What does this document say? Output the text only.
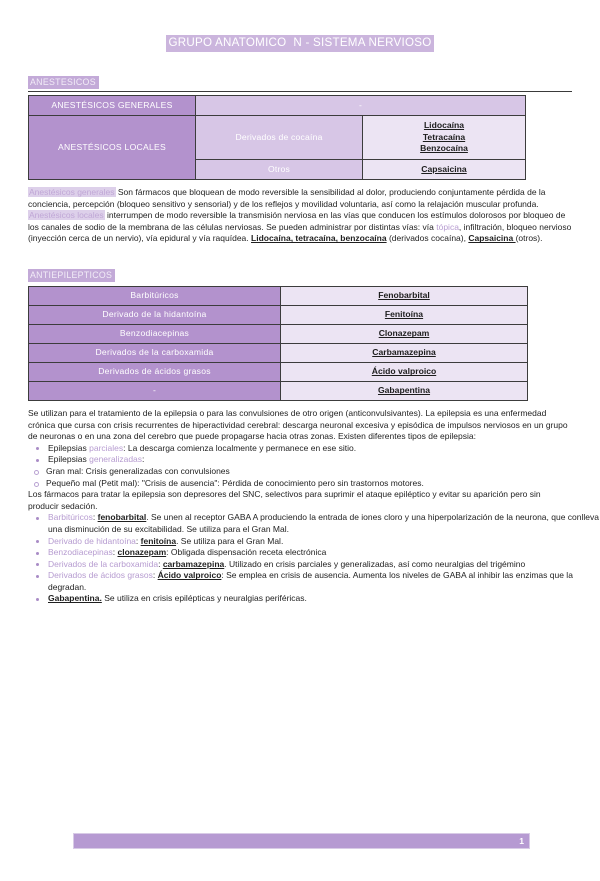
GRUPO ANATOMICO  N - SISTEMA NERVIOSO
ANESTESICOS
ANESTÉSICOS GENERALES	-	
ANESTÉSICOS LOCALES	Derivados de cocaína	Lidocaína
Tetracaína
Benzocaína

	Otros	Capsaicina

Anestésicos generales Son fármacos que bloquean de modo reversible la sensibilidad al dolor, produciendo conjuntamente pérdida de la conciencia, percepción (bloqueo sensitivo y sensorial) y de los reflejos y movilidad voluntaria, así como la relajación muscular profunda.

Anestésicos locales interrumpen de modo reversible la transmisión nerviosa en las vías que conducen los estímulos dolorosos por bloqueo de los canales de sodio de la membrana de las células nerviosas. Se pueden administrar por distintas vías: vía tópica, infiltración, bloqueo nervioso (inyección cerca de un nervio), vía epidural y vía raquídea. Lidocaína, tetracaína, benzocaína (derivados cocaína), Capsaicina (otros).

ANTIEPILEPTICOS
Barbitúricos	Fenobarbital
Derivado de la hidantoína	Fenitoína
Benzodiacepinas	Clonazepam
Derivados de la carboxamida	Carbamazepina
Derivados de ácidos grasos	Ácido valproico
-	Gabapentina

Se utilizan para el tratamiento de la epilepsia o para las convulsiones de otro origen (anticonvulsivantes). La epilepsia es una enfermedad crónica que cursa con crisis recurrentes de hiperactividad cerebral: descarga neuronal excesiva y episódica de impulsos nerviosos en un grupo de neuronas o en una zona del cerebro que puede propagarse hacia otras zonas. Existen diferentes tipos de epilepsia:

Epilepsias parciales: La descarga comienza localmente y permanece en ese sitio.
Epilepsias generalizadas:
Gran mal: Crisis generalizadas con convulsiones
Pequeño mal (Petit mal): "Crisis de ausencia": Pérdida de conocimiento pero sin trastornos motores.

Los fármacos para tratar la epilepsia son depresores del SNC, selectivos para suprimir el ataque epiléptico y evitar su aparición pero sin producir sedación.

Barbitúricos: fenobarbital. Se unen al receptor GABA A produciendo la entrada de iones cloro y una hiperpolarización de la neurona, que conlleva una disminución de su excitabilidad. Se utiliza para el Gran Mal.
Derivado de hidantoína: fenitoína. Se utiliza para el Gran Mal.
Benzodiacepinas: clonazepam: Obligada dispensación receta electrónica
Derivados de la carboxamida: carbamazepina. Utilizado en crisis parciales y generalizadas, así como neuralgias del trigémino
Derivados de ácidos grasos: Ácido valproico: Se emplea en crisis de ausencia. Aumenta los niveles de GABA al inhibir las enzimas que la degradan.
Gabapentina. Se utiliza en crisis epilépticas y neuralgias periféricas.
1
